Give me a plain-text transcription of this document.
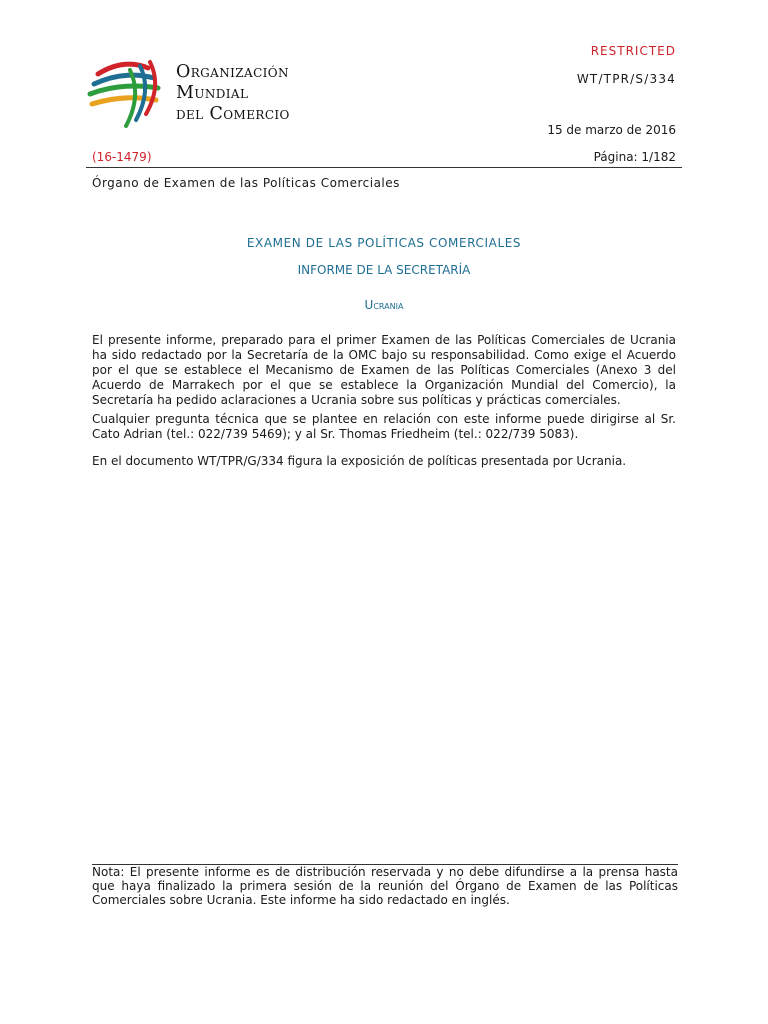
Organización
Mundial
del Comercio
RESTRICTED
WT/TPR/S/334
15 de marzo de 2016
(16-1479)	Página: 1/182
Órgano de Examen de las Políticas Comerciales
EXAMEN DE LAS POLÍTICAS COMERCIALES
INFORME DE LA SECRETARÍA
Ucrania
El presente informe, preparado para el primer Examen de las Políticas Comerciales de Ucrania ha sido redactado por la Secretaría de la OMC bajo su responsabilidad. Como exige el Acuerdo por el que se establece el Mecanismo de Examen de las Políticas Comerciales (Anexo 3 del Acuerdo de Marrakech por el que se establece la Organización Mundial del Comercio), la Secretaría ha pedido aclaraciones a Ucrania sobre sus políticas y prácticas comerciales.
Cualquier pregunta técnica que se plantee en relación con este informe puede dirigirse al Sr. Cato Adrian (tel.: 022/739 5469); y al Sr. Thomas Friedheim (tel.: 022/739 5083).
En el documento WT/TPR/G/334 figura la exposición de políticas presentada por Ucrania.
Nota: El presente informe es de distribución reservada y no debe difundirse a la prensa hasta que haya finalizado la primera sesión de la reunión del Órgano de Examen de las Políticas Comerciales sobre Ucrania. Este informe ha sido redactado en inglés.
